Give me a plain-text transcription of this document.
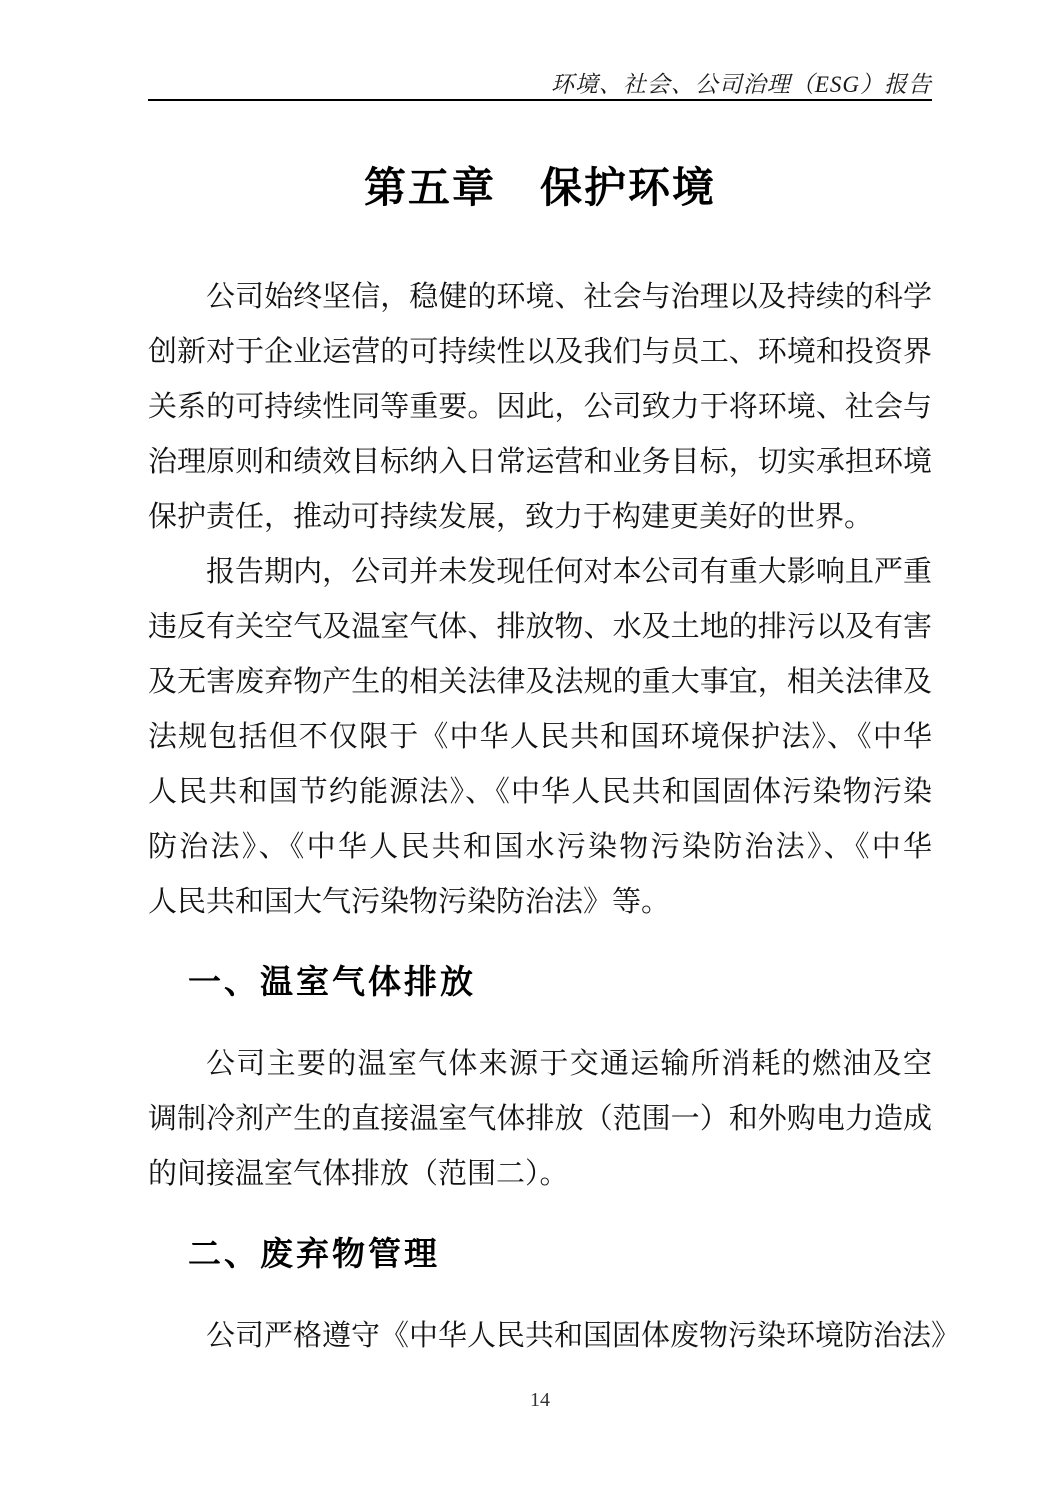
环境、社会、公司治理（ESG）报告
第五章　保护环境
公司始终坚信，稳健的环境、社会与治理以及持续的科学
创新对于企业运营的可持续性以及我们与员工、环境和投资界
关系的可持续性同等重要。因此，公司致力于将环境、社会与
治理原则和绩效目标纳入日常运营和业务目标，切实承担环境
保护责任，推动可持续发展，致力于构建更美好的世界。
报告期内，公司并未发现任何对本公司有重大影响且严重
违反有关空气及温室气体、排放物、水及土地的排污以及有害
及无害废弃物产生的相关法律及法规的重大事宜，相关法律及
法规包括但不仅限于《中华人民共和国环境保护法》、《中华
人民共和国节约能源法》、《中华人民共和国固体污染物污染
防治法》、《中华人民共和国水污染物污染防治法》、《中华
人民共和国大气污染物污染防治法》等。
一、温室气体排放
公司主要的温室气体来源于交通运输所消耗的燃油及空
调制冷剂产生的直接温室气体排放（范围一）和外购电力造成
的间接温室气体排放（范围二）。
二、废弃物管理
公司严格遵守《中华人民共和国固体废物污染环境防治法》
14
